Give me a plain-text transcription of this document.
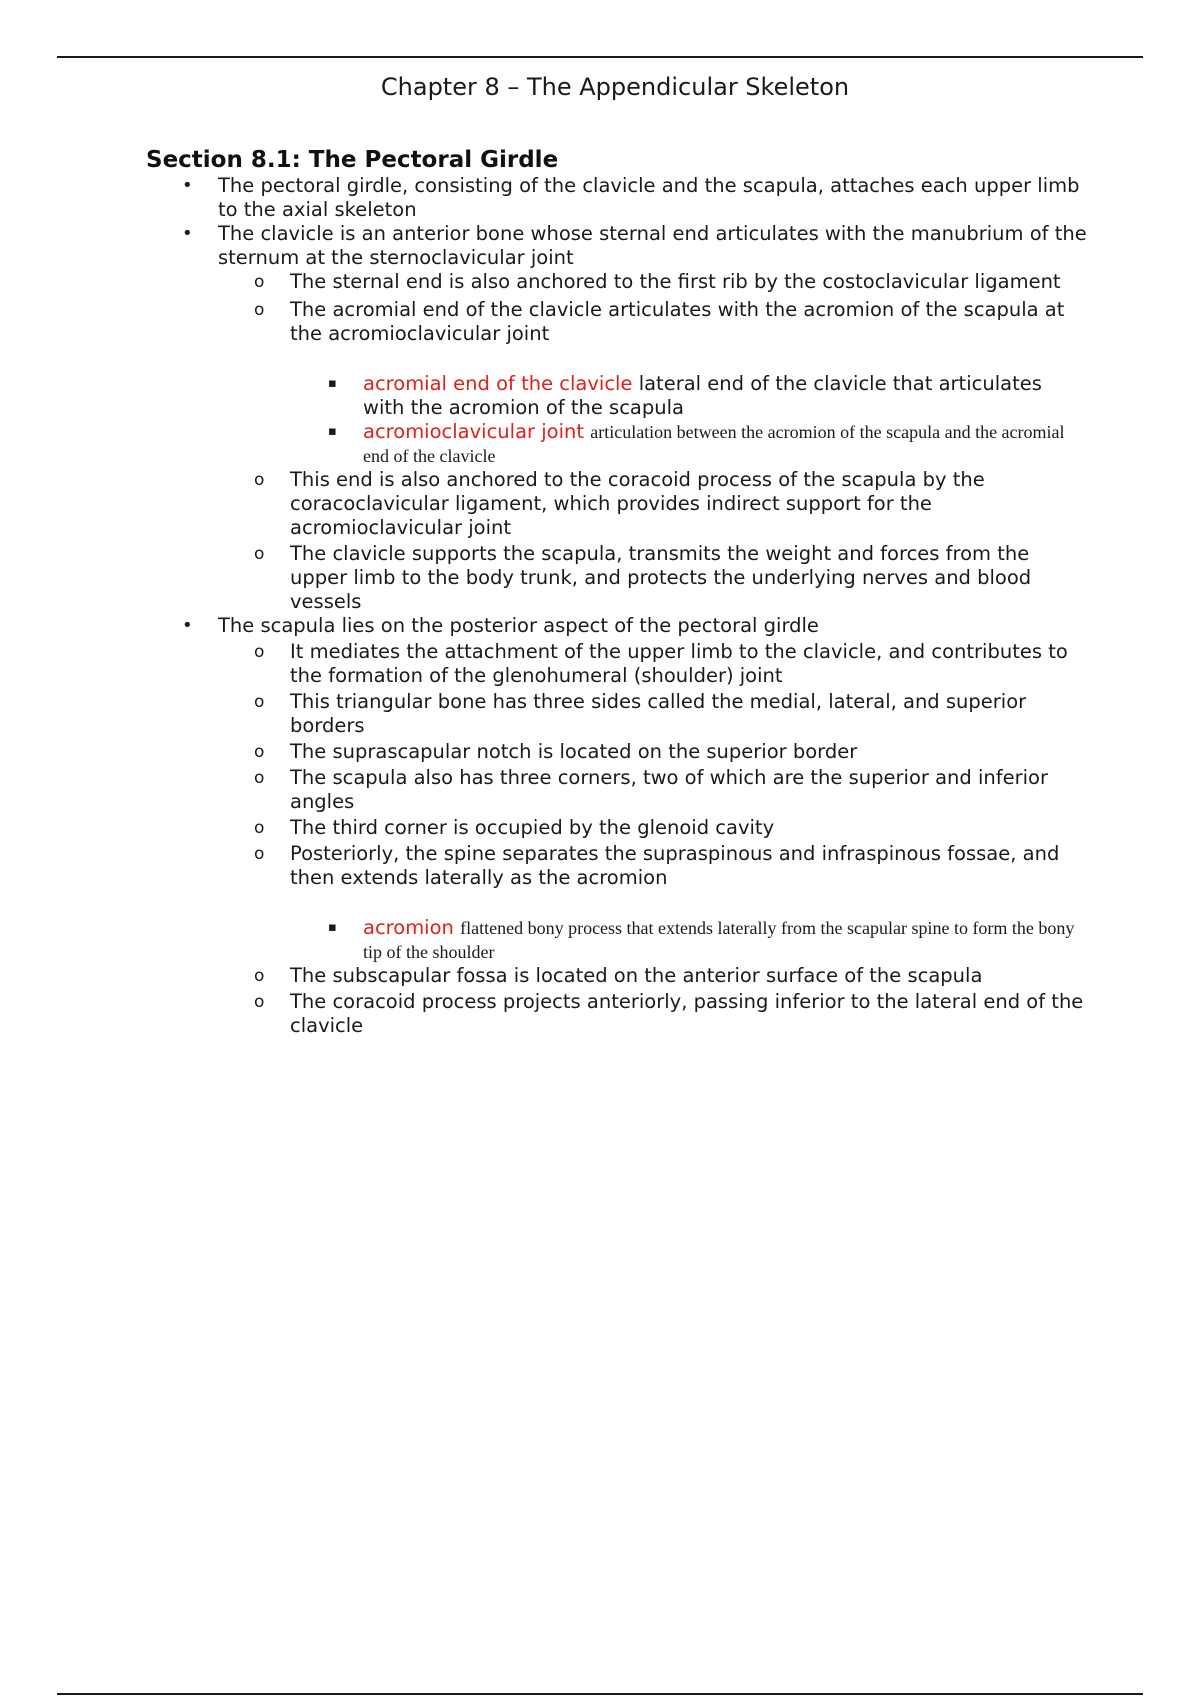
Chapter 8 – The Appendicular Skeleton
Section 8.1: The Pectoral Girdle
• The pectoral girdle, consisting of the clavicle and the scapula, attaches each upper limb to the axial skeleton
• The clavicle is an anterior bone whose sternal end articulates with the manubrium of the sternum at the sternoclavicular joint
o The sternal end is also anchored to the first rib by the costoclavicular ligament
o The acromial end of the clavicle articulates with the acromion of the scapula at the acromioclavicular joint
▪ acromial end of the clavicle lateral end of the clavicle that articulates with the acromion of the scapula
▪ acromioclavicular joint articulation between the acromion of the scapula and the acromial end of the clavicle
o This end is also anchored to the coracoid process of the scapula by the coracoclavicular ligament, which provides indirect support for the acromioclavicular joint
o The clavicle supports the scapula, transmits the weight and forces from the upper limb to the body trunk, and protects the underlying nerves and blood vessels
• The scapula lies on the posterior aspect of the pectoral girdle
o It mediates the attachment of the upper limb to the clavicle, and contributes to the formation of the glenohumeral (shoulder) joint
o This triangular bone has three sides called the medial, lateral, and superior borders
o The suprascapular notch is located on the superior border
o The scapula also has three corners, two of which are the superior and inferior angles
o The third corner is occupied by the glenoid cavity
o Posteriorly, the spine separates the supraspinous and infraspinous fossae, and then extends laterally as the acromion
▪ acromion flattened bony process that extends laterally from the scapular spine to form the bony tip of the shoulder
o The subscapular fossa is located on the anterior surface of the scapula
o The coracoid process projects anteriorly, passing inferior to the lateral end of the clavicle
